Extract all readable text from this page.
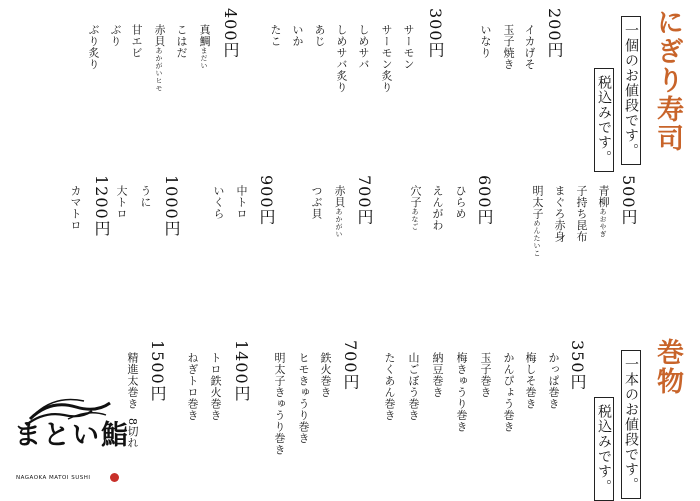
にぎり寿司
一個のお値段です。
税込みです。
200円
イカげそ
玉子焼き
いなり
300円
サーモン
サーモン炙り
しめサバ
しめサバ炙り
あじ
いか
たこ
400円
真鯛まだい
こはだ
赤貝あかがいヒモ
甘エビ
ぶり
ぶり炙り
500円
青柳あおやぎ
子持ち昆布
まぐろ赤身
明太子めんたいこ
600円
ひらめ
えんがわ
穴子あなご
700円
赤貝あかがい
つぶ貝
900円
中トロ
いくら
1000円
うに
大トロ
1200円
カマトロ
巻物
一本のお値段です。
税込みです。
350円
かっぱ巻き
梅しそ巻き
かんぴょう巻き
玉子巻き
梅きゅうり巻き
納豆巻き
山ごぼう巻き
たくあん巻き
700円
鉄火巻き
ヒモきゅうり巻き
明太子きゅうり巻き
1400円
トロ鉄火巻き
ねぎトロ巻き
1500円
精進太巻き
8切れ
まとい鮨
NAGAOKA MATOI SUSHI
